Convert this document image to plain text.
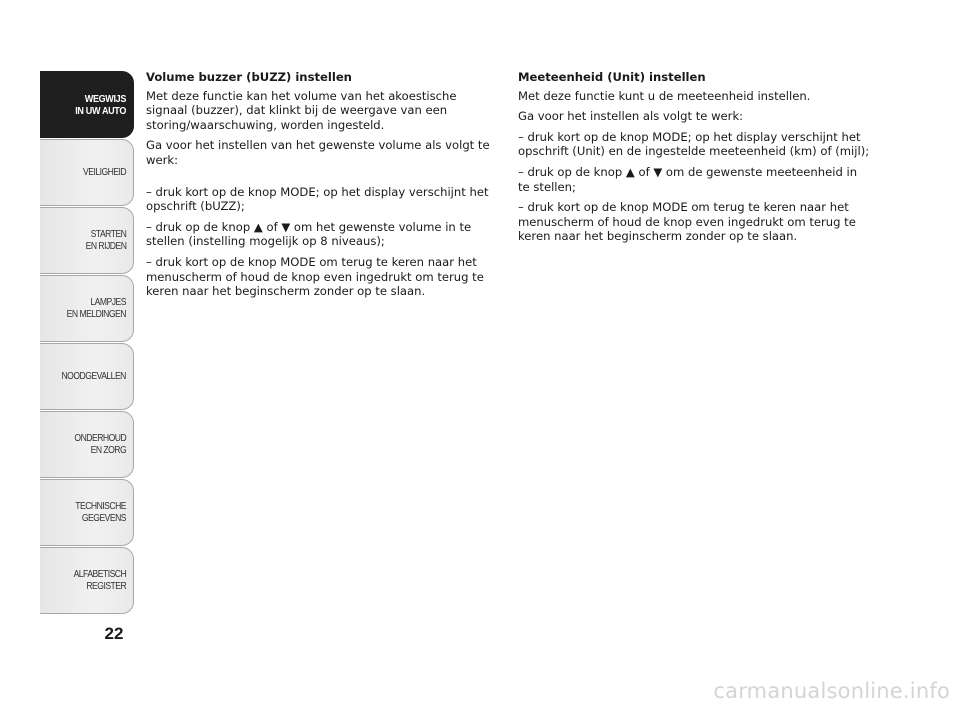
WEGWIJS
IN UW AUTO
VEILIGHEID
STARTEN
EN RIJDEN
LAMPJES
EN MELDINGEN
NOODGEVALLEN
ONDERHOUD
EN ZORG
TECHNISCHE
GEGEVENS
ALFABETISCH
REGISTER
22

Volume buzzer (bUZZ) instellen

Met deze functie kan het volume van het akoestische signaal (buzzer), dat klinkt bij de weergave van een storing/waarschuwing, worden ingesteld.

Ga voor het instellen van het gewenste volume als volgt te werk:

– druk kort op de knop MODE; op het display verschijnt het opschrift (bUZZ);

– druk op de knop ▲ of ▼ om het gewenste volume in te stellen (instelling mogelijk op 8 niveaus);

– druk kort op de knop MODE om terug te keren naar het menuscherm of houd de knop even ingedrukt om terug te keren naar het beginscherm zonder op te slaan.

Meeteenheid (Unit) instellen

Met deze functie kunt u de meeteenheid instellen.

Ga voor het instellen als volgt te werk:

– druk kort op de knop MODE; op het display verschijnt het opschrift (Unit) en de ingestelde meeteenheid (km) of (mijl);

– druk op de knop ▲ of ▼ om de gewenste meeteenheid in te stellen;

– druk kort op de knop MODE om terug te keren naar het menuscherm of houd de knop even ingedrukt om terug te keren naar het beginscherm zonder op te slaan.

carmanualsonline.info
